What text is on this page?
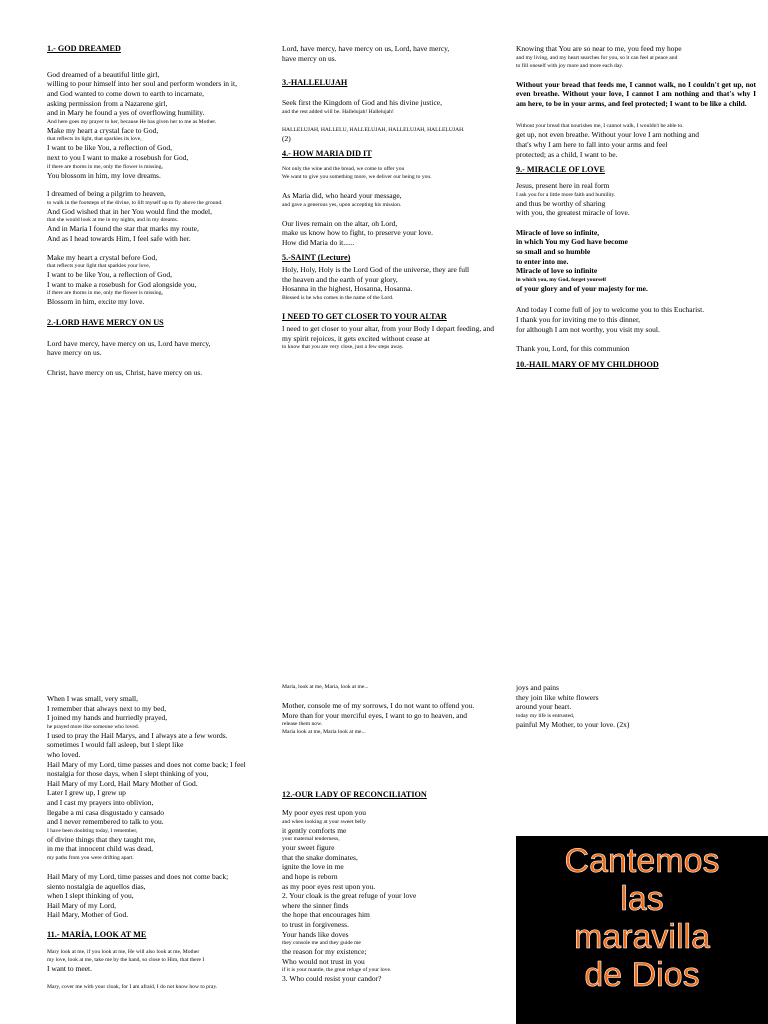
1.- GOD DREAMED

God dreamed of a beautiful little girl,

willing to pour himself into her soul and perform wonders in it,

and God wanted to come down to earth to incarnate,

asking permission from a Nazarene girl,

and in Mary he found a yes of overflowing humility.

And here goes my prayer to her, because He has given her to me as Mother.

Make my heart a crystal face to God,

that reflects its light, that sparkles its love,

I want to be like You, a reflection of God,

next to you I want to make a rosebush for God,

if there are thorns in me, only the flower is missing,

You blossom in him, my love dreams.

I dreamed of being a pilgrim to heaven,

to walk in the footsteps of the divine, to lift myself up to fly above the ground.

And God wished that in her You would find the model,

that she would look at me in my nights, and in my dreams.

And in Maria I found the star that marks my route,

And as I head towards Him, I feel safe with her.

Make my heart a crystal before God,

that reflects your light that sparkles your love,

I want to be like You, a reflection of God,

I want to make a rosebush for God alongside you,

if there are thorns in me, only the flower is missing,

Blossom in him, excite my love.

2.-LORD HAVE MERCY ON US

Lord have mercy, have mercy on us, Lord have mercy,

have mercy on us.

Christ, have mercy on us, Christ, have mercy on us.

Lord, have mercy, have mercy on us, Lord, have mercy,

have mercy on us.

3.-HALLELUJAH

Seek first the Kingdom of God and his divine justice,

and the rest added will be. Hallelujah! Hallelujah!

HALLELUJAH, HALLELU, HALLELUJAH, HALLELUJAH, HALLELUJAH.

(2)

4.- HOW MARIA DID IT

Not only the wine and the bread, we come to offer you

We want to give you something more, we deliver our being to you.

As Maria did, who heard your message,

and gave a generous yes, upon accepting his mission.

Our lives remain on the altar, oh Lord,

make us know how to fight, to preserve your love.

How did Maria do it......

5.-SAINT (Lecture)

Holy, Holy, Holy is the Lord God of the universe, they are full

the heaven and the earth of your glory,

Hosanna in the highest, Hosanna, Hosanna.

Blessed is he who comes in the name of the Lord.

I NEED TO GET CLOSER TO YOUR ALTAR

I need to get closer to your altar, from your Body I depart feeding, and my spirit rejoices, it gets excited without cease at

to know that you are very close, just a few steps away.

Knowing that You are so near to me, you feed my hope

and my living, and my heart searches for you, so it can feel at peace and

to fill oneself with joy more and more each day.

Without your bread that feeds me, I cannot walk, no I couldn't get up, not even breathe. Without your love, I cannot I am nothing and that's why I am here, to be in your arms, and feel protected; I want to be like a child.

Without your bread that nourishes me, I cannot walk, I wouldn't be able to.

get up, not even breathe. Without your love I am nothing and

that's why I am here to fall into your arms and feel

protected; as a child, I want to be.

9.- MIRACLE OF LOVE

Jesus, present here in real form

I ask you for a little more faith and humility.

and thus be worthy of sharing

with you, the greatest miracle of love.

Miracle of love so infinite,

in which You my God have become

so small and so humble

to enter into me.

Miracle of love so infinite

in which you, my God, forget yourself

of your glory and of your majesty for me.

And today I come full of joy to welcome you to this Eucharist.

I thank you for inviting me to this dinner,

for although I am not worthy, you visit my soul.

Thank you, Lord, for this communion

10.-HAIL MARY OF MY CHILDHOOD

When I was small, very small,

I remember that always next to my bed,

I joined my hands and hurriedly prayed,

he prayed more like someone who loved.

I used to pray the Hail Marys, and I always ate a few words.

sometimes I would fall asleep, but I slept like

who loved.

Hail Mary of my Lord, time passes and does not come back; I feel

nostalgia for those days, when I slept thinking of you,

Hail Mary of my Lord, Hail Mary Mother of God.

Later I grew up, I grew up

and I cast my prayers into oblivion,

llegabe a mi casa disgustado y cansado

and I never remembered to talk to you.

I have been doubting today, I remember,

of divine things that they taught me,

in me that innocent child was dead,

my paths from you were drifting apart.

Hail Mary of my Lord, time passes and does not come back;

siento nostalgia de aquellos dias,

when I slept thinking of you,

Hail Mary of my Lord,

Hail Mary, Mother of God.

11.- MARÍA, LOOK AT ME

Mary look at me, if you look at me, He will also look at me, Mother

my love, look at me, take me by the hand, so close to Him, that there I

I want to meet.

Mary, cover me with your cloak, for I am afraid, I do not know how to pray.

Maria, look at me, Maria, look at me...

Mother, console me of my sorrows, I do not want to offend you.

More than for your merciful eyes, I want to go to heaven, and

release them now.

Maria look at me, Maria look at me...

12.-OUR LADY OF RECONCILIATION

My poor eyes rest upon you

and when looking at your sweet belly

it gently comforts me

your maternal tenderness,

your sweet figure

that the snake dominates,

ignite the love in me

and hope is reborn

as my poor eyes rest upon you.

2. Your cloak is the great refuge of your love

where the sinner finds

the hope that encourages him

to trust in forgiveness.

Your hands like doves

they console me and they guide me

the reason for my existence;

Who would not trust in you

if it is your mantle, the great refuge of your love.

3. Who could resist your candor?

joys and pains

they join like white flowers

around your heart.

today my life is entrusted,

painful My Mother, to your love. (2x)

Cantemos
las
maravilla
de Dios
